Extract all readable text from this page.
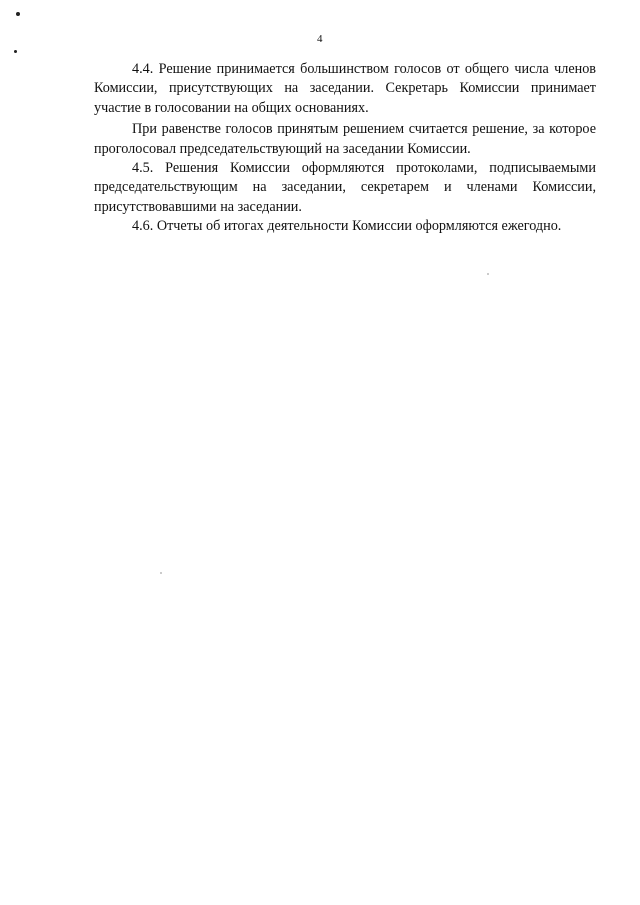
4

4.4. Решение принимается большинством голосов от общего числа членов Комиссии, присутствующих на заседании. Секретарь Комиссии принимает участие в голосовании на общих основаниях.

При равенстве голосов принятым решением считается решение, за которое проголосовал председательствующий на заседании Комиссии.

4.5. Решения Комиссии оформляются протоколами, подписываемыми председательствующим на заседании, секретарем и членами Комиссии, присутствовавшими на заседании.

4.6. Отчеты об итогах деятельности Комиссии оформляются ежегодно.
